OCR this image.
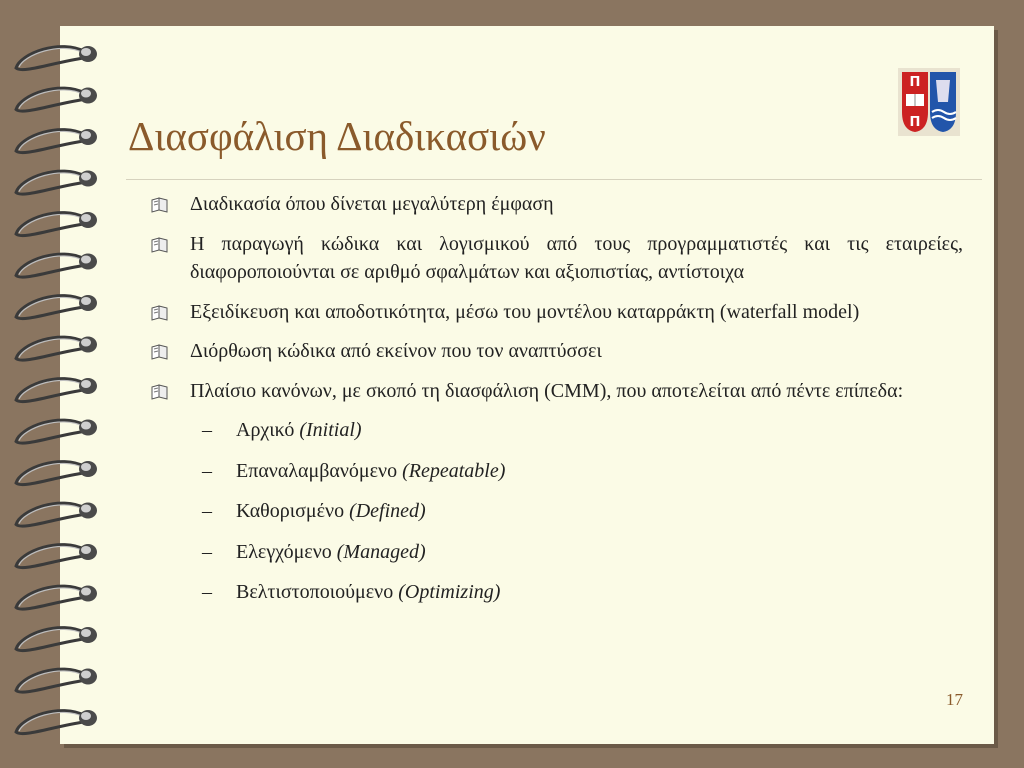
Διασφάλιση Διαδικασιών
Π
Π
Διαδικασία όπου δίνεται μεγαλύτερη έμφαση
Η παραγωγή κώδικα και λογισμικού από τους προγραμματιστές και τις εταιρείες, διαφοροποιούνται σε αριθμό σφαλμάτων και αξιοπιστίας, αντίστοιχα
Εξειδίκευση και αποδοτικότητα, μέσω του μοντέλου καταρράκτη (waterfall model)
Διόρθωση κώδικα από εκείνον που τον αναπτύσσει
Πλαίσιο κανόνων, με σκοπό τη διασφάλιση (CMM), που αποτελείται από πέντε επίπεδα:
– Αρχικό (Initial)
– Επαναλαμβανόμενο (Repeatable)
– Καθορισμένο (Defined)
– Ελεγχόμενο (Managed)
– Βελτιστοποιούμενο (Optimizing)
17
